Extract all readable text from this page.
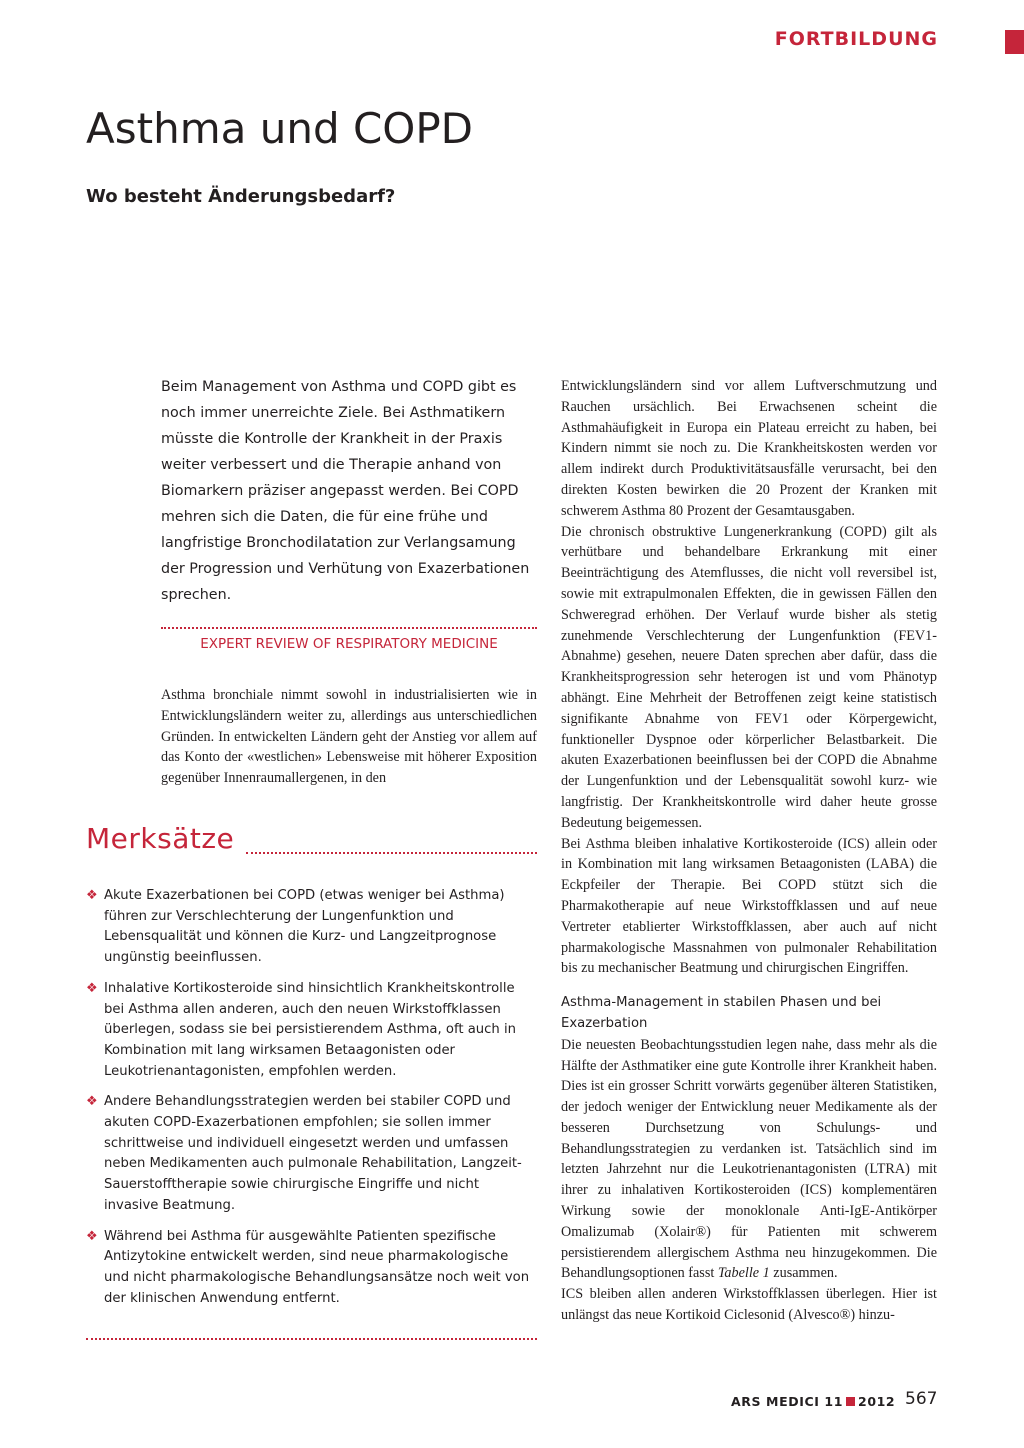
FORTBILDUNG
Asthma und COPD
Wo besteht Änderungsbedarf?

Beim Management von Asthma und COPD gibt es noch immer unerreichte Ziele. Bei Asthmatikern müsste die Kontrolle der Krankheit in der Praxis weiter verbessert und die Therapie anhand von Biomarkern präziser angepasst werden. Bei COPD mehren sich die Daten, die für eine frühe und langfristige Bronchodilatation zur Verlangsamung der Progression und Verhütung von Exazerbationen sprechen.

EXPERT REVIEW OF RESPIRATORY MEDICINE

Asthma bronchiale nimmt sowohl in industrialisierten wie in Entwicklungsländern weiter zu, allerdings aus unterschiedlichen Gründen. In entwickelten Ländern geht der Anstieg vor allem auf das Konto der «westlichen» Lebensweise mit höherer Exposition gegenüber Innenraumallergenen, in den

Merksätze
❖ Akute Exazerbationen bei COPD (etwas weniger bei Asthma) führen zur Verschlechterung der Lungenfunktion und Lebensqualität und können die Kurz- und Langzeitprognose ungünstig beeinflussen.
❖ Inhalative Kortikosteroide sind hinsichtlich Krankheitskontrolle bei Asthma allen anderen, auch den neuen Wirkstoffklassen überlegen, sodass sie bei persistierendem Asthma, oft auch in Kombination mit lang wirksamen Betaagonisten oder Leukotrienantagonisten, empfohlen werden.
❖ Andere Behandlungsstrategien werden bei stabiler COPD und akuten COPD-Exazerbationen empfohlen; sie sollen immer schrittweise und individuell eingesetzt werden und umfassen neben Medikamenten auch pulmonale Rehabilitation, Langzeit-Sauerstofftherapie sowie chirurgische Eingriffe und nicht invasive Beatmung.
❖ Während bei Asthma für ausgewählte Patienten spezifische Antizytokine entwickelt werden, sind neue pharmakologische und nicht pharmakologische Behandlungsansätze noch weit von der klinischen Anwendung entfernt.

Entwicklungsländern sind vor allem Luftverschmutzung und Rauchen ursächlich. Bei Erwachsenen scheint die Asthmahäufigkeit in Europa ein Plateau erreicht zu haben, bei Kindern nimmt sie noch zu. Die Krankheitskosten werden vor allem indirekt durch Produktivitätsausfälle verursacht, bei den direkten Kosten bewirken die 20 Prozent der Kranken mit schwerem Asthma 80 Prozent der Gesamtausgaben.

Die chronisch obstruktive Lungenerkrankung (COPD) gilt als verhütbare und behandelbare Erkrankung mit einer Beeinträchtigung des Atemflusses, die nicht voll reversibel ist, sowie mit extrapulmonalen Effekten, die in gewissen Fällen den Schweregrad erhöhen. Der Verlauf wurde bisher als stetig zunehmende Verschlechterung der Lungenfunktion (FEV1-Abnahme) gesehen, neuere Daten sprechen aber dafür, dass die Krankheitsprogression sehr heterogen ist und vom Phänotyp abhängt. Eine Mehrheit der Betroffenen zeigt keine statistisch signifikante Abnahme von FEV1 oder Körpergewicht, funktioneller Dyspnoe oder körperlicher Belastbarkeit. Die akuten Exazerbationen beeinflussen bei der COPD die Abnahme der Lungenfunktion und der Lebensqualität sowohl kurz- wie langfristig. Der Krankheitskontrolle wird daher heute grosse Bedeutung beigemessen.

Bei Asthma bleiben inhalative Kortikosteroide (ICS) allein oder in Kombination mit lang wirksamen Betaagonisten (LABA) die Eckpfeiler der Therapie. Bei COPD stützt sich die Pharmakotherapie auf neue Wirkstoffklassen und auf neue Vertreter etablierter Wirkstoffklassen, aber auch auf nicht pharmakologische Massnahmen von pulmonaler Rehabilitation bis zu mechanischer Beatmung und chirurgischen Eingriffen.

Asthma-Management in stabilen Phasen und bei Exazerbation

Die neuesten Beobachtungsstudien legen nahe, dass mehr als die Hälfte der Asthmatiker eine gute Kontrolle ihrer Krankheit haben. Dies ist ein grosser Schritt vorwärts gegenüber älteren Statistiken, der jedoch weniger der Entwicklung neuer Medikamente als der besseren Durchsetzung von Schulungs- und Behandlungsstrategien zu verdanken ist. Tatsächlich sind im letzten Jahrzehnt nur die Leukotrienantagonisten (LTRA) mit ihrer zu inhalativen Kortikosteroiden (ICS) komplementären Wirkung sowie der monoklonale Anti-IgE-Antikörper Omalizumab (Xolair®) für Patienten mit schwerem persistierendem allergischem Asthma neu hinzugekommen. Die Behandlungsoptionen fasst Tabelle 1 zusammen.

ICS bleiben allen anderen Wirkstoffklassen überlegen. Hier ist unlängst das neue Kortikoid Ciclesonid (Alvesco®) hinzu-

ARS MEDICI 11 2012 567
